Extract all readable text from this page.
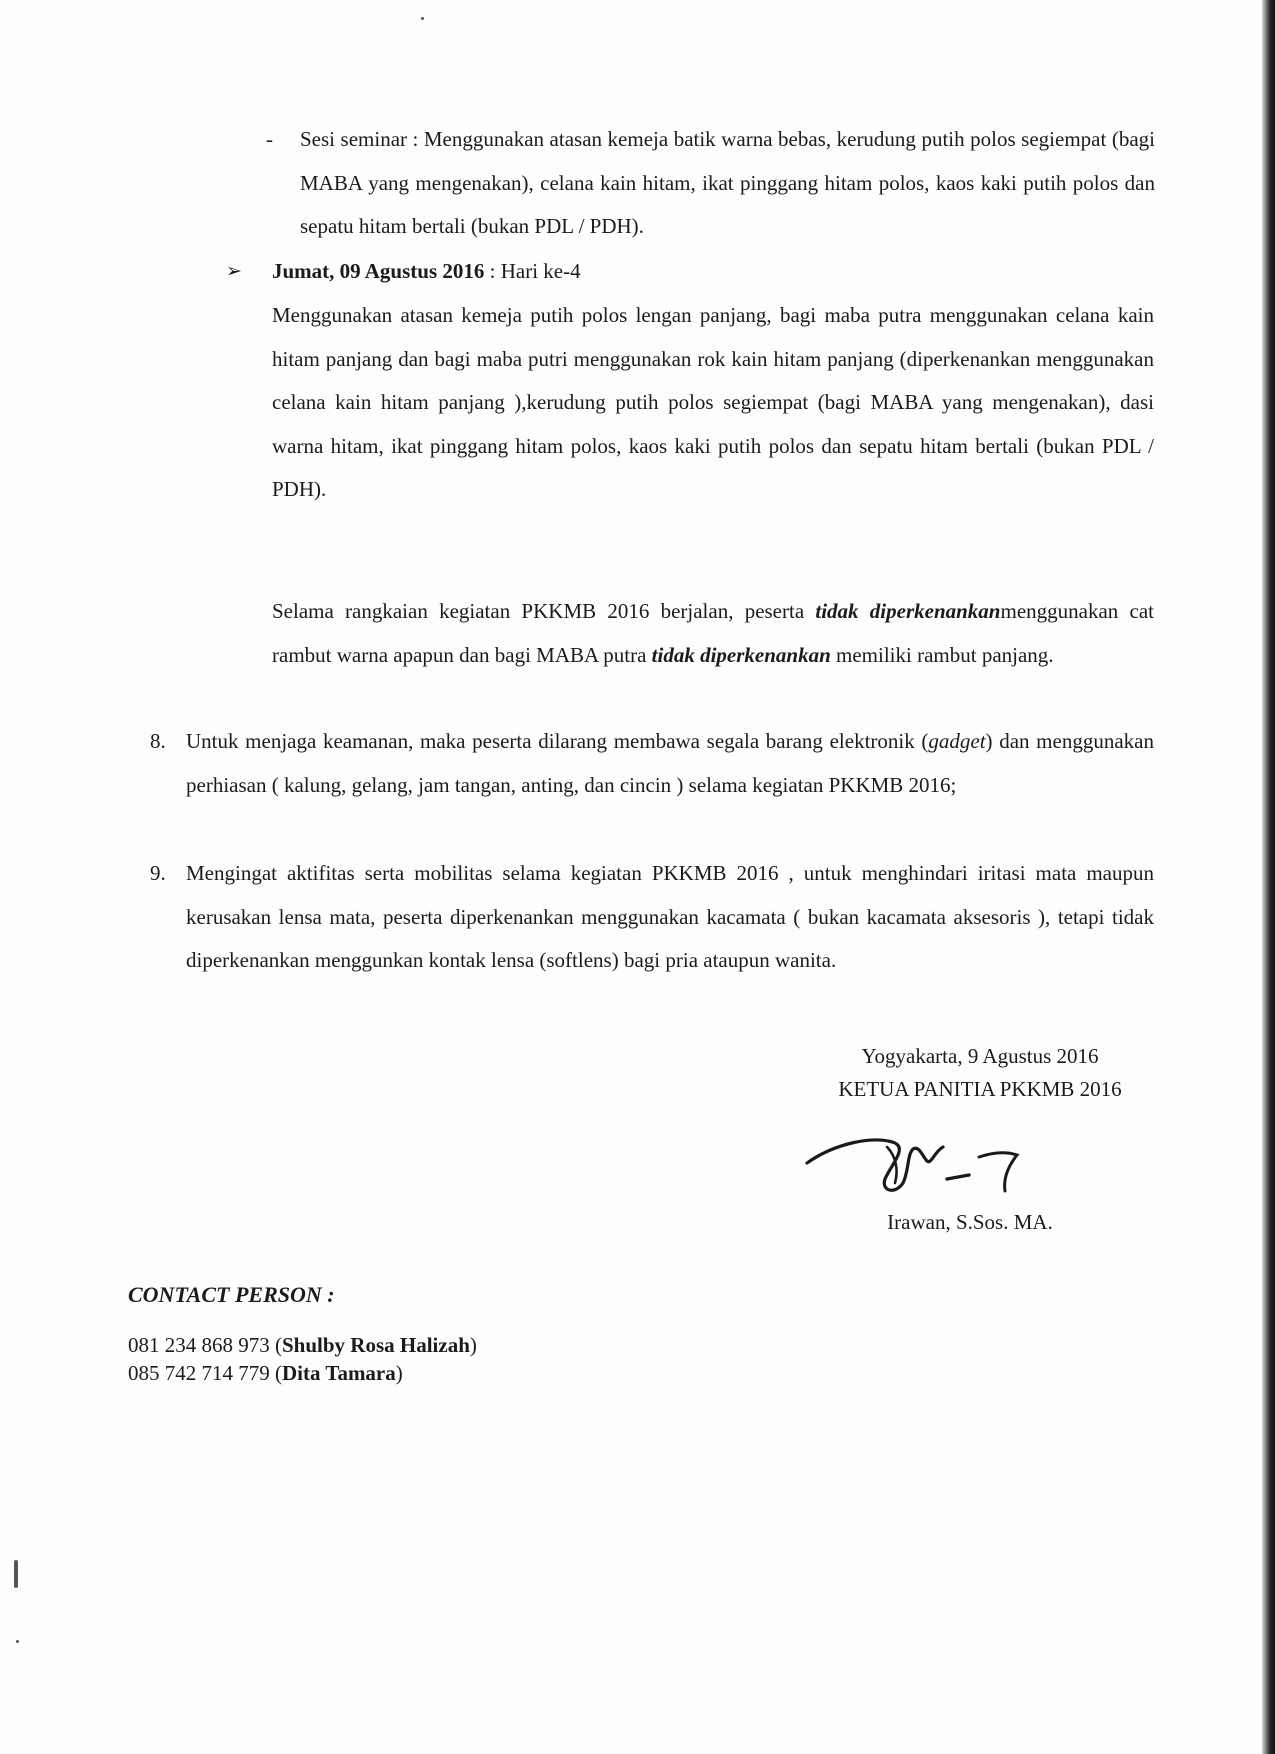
- Sesi seminar : Menggunakan atasan kemeja batik warna bebas, kerudung putih polos segiempat (bagi MABA yang mengenakan), celana kain hitam, ikat pinggang hitam polos, kaos kaki putih polos dan sepatu hitam bertali (bukan PDL / PDH).
➢ Jumat, 09 Agustus 2016 : Hari ke-4
Menggunakan atasan kemeja putih polos lengan panjang, bagi maba putra menggunakan celana kain hitam panjang dan bagi maba putri menggunakan rok kain hitam panjang (diperkenankan menggunakan celana kain hitam panjang ),kerudung putih polos segiempat (bagi MABA yang mengenakan), dasi warna hitam, ikat pinggang hitam polos, kaos kaki putih polos dan sepatu hitam bertali (bukan PDL / PDH).
Selama rangkaian kegiatan PKKMB 2016 berjalan, peserta tidak diperkenankanmenggunakan cat rambut warna apapun dan bagi MABA putra tidak diperkenankan memiliki rambut panjang.
8. Untuk menjaga keamanan, maka peserta dilarang membawa segala barang elektronik (gadget) dan menggunakan perhiasan ( kalung, gelang, jam tangan, anting, dan cincin ) selama kegiatan PKKMB 2016;
9. Mengingat aktifitas serta mobilitas selama kegiatan PKKMB 2016 , untuk menghindari iritasi mata maupun kerusakan lensa mata, peserta diperkenankan menggunakan kacamata ( bukan kacamata aksesoris ), tetapi tidak diperkenankan menggunkan kontak lensa (softlens) bagi pria ataupun wanita.
Yogyakarta, 9 Agustus 2016
KETUA PANITIA PKKMB 2016
Irawan, S.Sos. MA.
CONTACT PERSON :
081 234 868 973 (Shulby Rosa Halizah)
085 742 714 779 (Dita Tamara)
